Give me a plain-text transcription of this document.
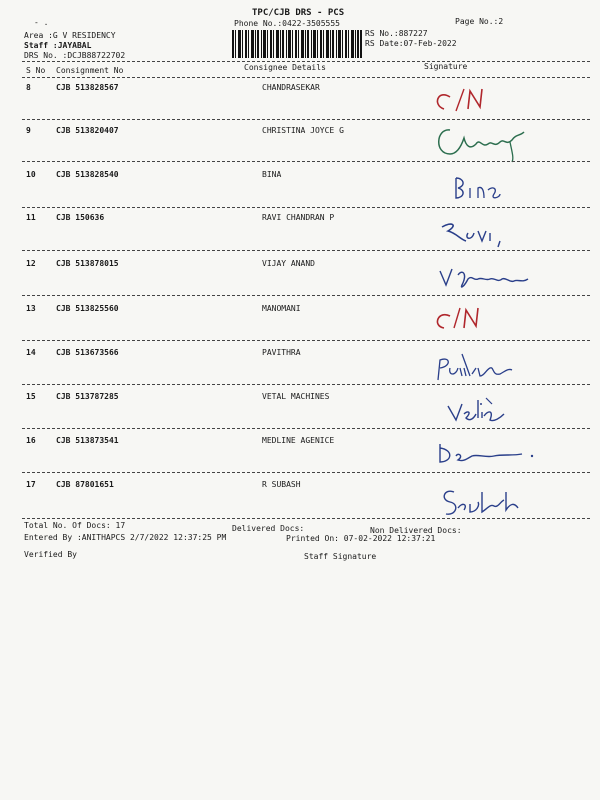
TPC/CJB DRS - PCS
Phone No.:0422-3505555	Page No.:2
- .
Area :G V RESIDENCY
Staff :JAYABAL
DRS No. :DCJB88722702
RS No.:887227
RS Date:07-Feb-2022
S No Consignment No	Consignee Details	Signature
8	CJB 513828567	CHANDRASEKAR
9	CJB 513820407	CHRISTINA JOYCE G
10	CJB 513828540	BINA
11	CJB 150636	RAVI CHANDRAN P
12	CJB 513878015	VIJAY ANAND
13	CJB 513825560	MANOMANI
14	CJB 513673566	PAVITHRA
15	CJB 513787285	VETAL MACHINES
16	CJB 513873541	MEDLINE AGENICE
17	CJB 87801651	R SUBASH
Total No. Of Docs: 17	Delivered Docs:	Non Delivered Docs:
Entered By :ANITHAPCS 2/7/2022 12:37:25 PM	Printed On: 07-02-2022 12:37:21
Verified By	Staff Signature
